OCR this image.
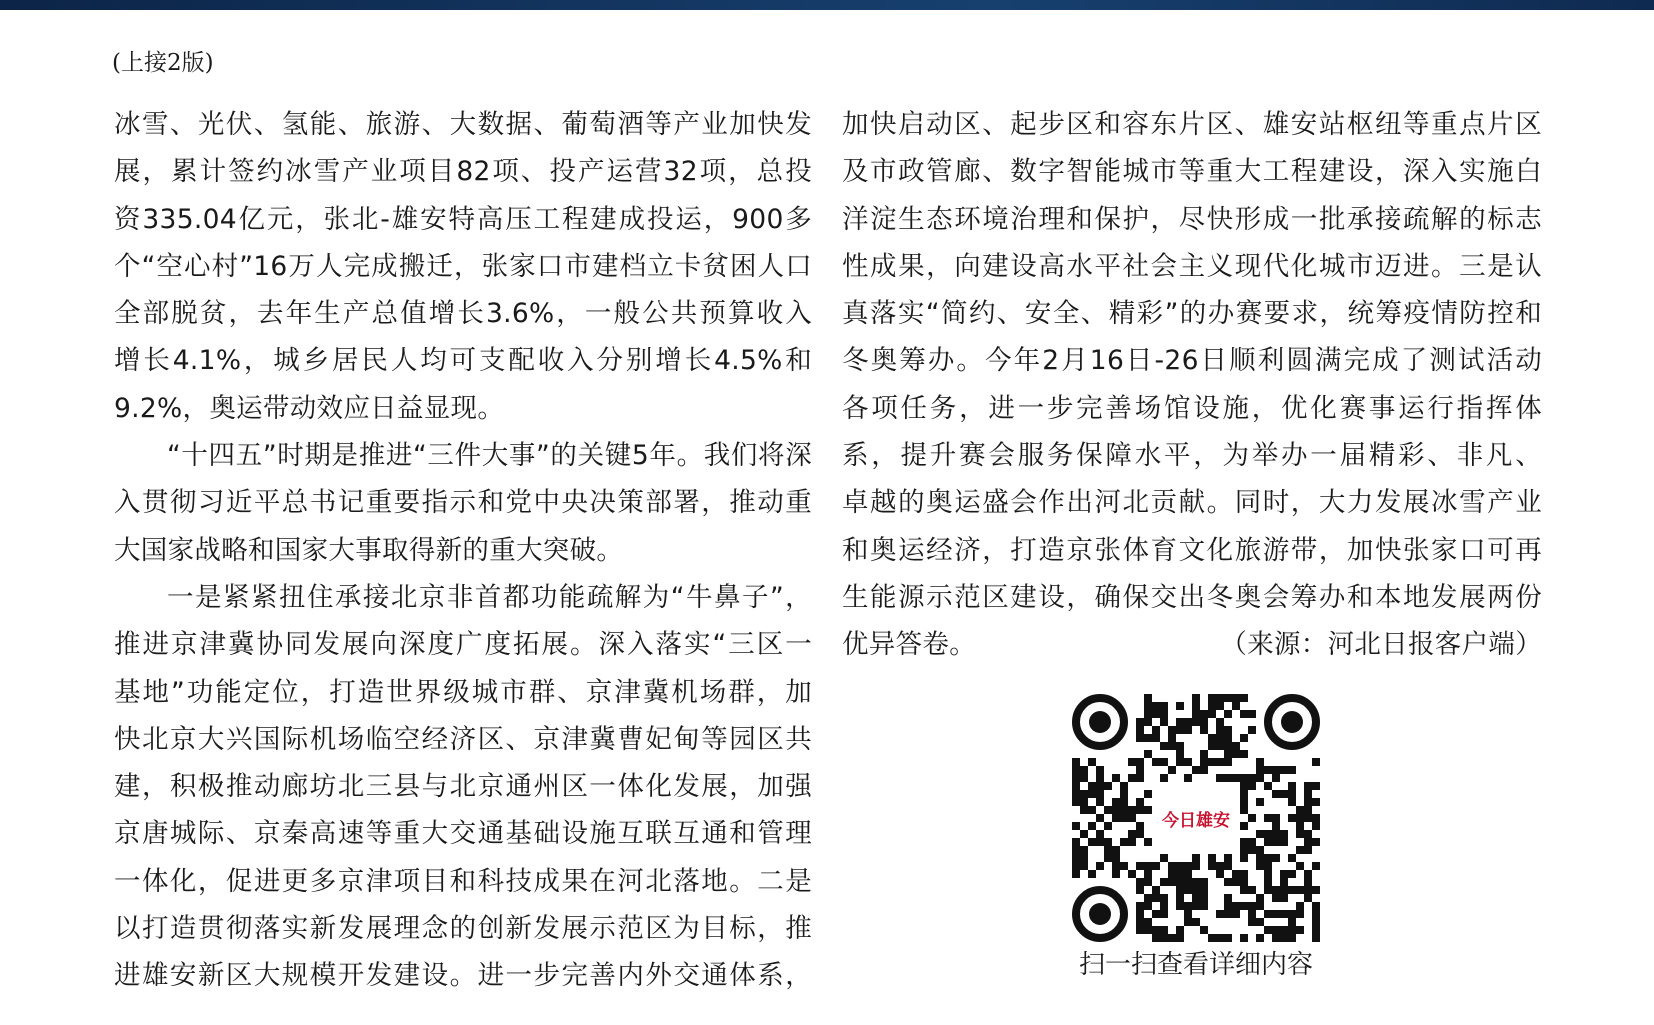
(上接2版)

冰雪、光伏、氢能、旅游、大数据、葡萄酒等产业加快发

展，累计签约冰雪产业项目82项、投产运营32项，总投

资335.04亿元，张北-雄安特高压工程建成投运，900多

个“空心村”16万人完成搬迁，张家口市建档立卡贫困人口

全部脱贫，去年生产总值增长3.6%，一般公共预算收入

增长4.1%，城乡居民人均可支配收入分别增长4.5%和

9.2%，奥运带动效应日益显现。

“十四五”时期是推进“三件大事”的关键5年。我们将深

入贯彻习近平总书记重要指示和党中央决策部署，推动重

大国家战略和国家大事取得新的重大突破。

一是紧紧扭住承接北京非首都功能疏解为“牛鼻子”，

推进京津冀协同发展向深度广度拓展。深入落实“三区一

基地”功能定位，打造世界级城市群、京津冀机场群，加

快北京大兴国际机场临空经济区、京津冀曹妃甸等园区共

建，积极推动廊坊北三县与北京通州区一体化发展，加强

京唐城际、京秦高速等重大交通基础设施互联互通和管理

一体化，促进更多京津项目和科技成果在河北落地。二是

以打造贯彻落实新发展理念的创新发展示范区为目标，推

进雄安新区大规模开发建设。进一步完善内外交通体系，

加快启动区、起步区和容东片区、雄安站枢纽等重点片区

及市政管廊、数字智能城市等重大工程建设，深入实施白

洋淀生态环境治理和保护，尽快形成一批承接疏解的标志

性成果，向建设高水平社会主义现代化城市迈进。三是认

真落实“简约、安全、精彩”的办赛要求，统筹疫情防控和

冬奥筹办。今年2月16日-26日顺利圆满完成了测试活动

各项任务，进一步完善场馆设施，优化赛事运行指挥体

系，提升赛会服务保障水平，为举办一届精彩、非凡、

卓越的奥运盛会作出河北贡献。同时，大力发展冰雪产业

和奥运经济，打造京张体育文化旅游带，加快张家口可再

生能源示范区建设，确保交出冬奥会筹办和本地发展两份

优异答卷。	（来源：河北日报客户端）
今日雄安
扫一扫查看详细内容
